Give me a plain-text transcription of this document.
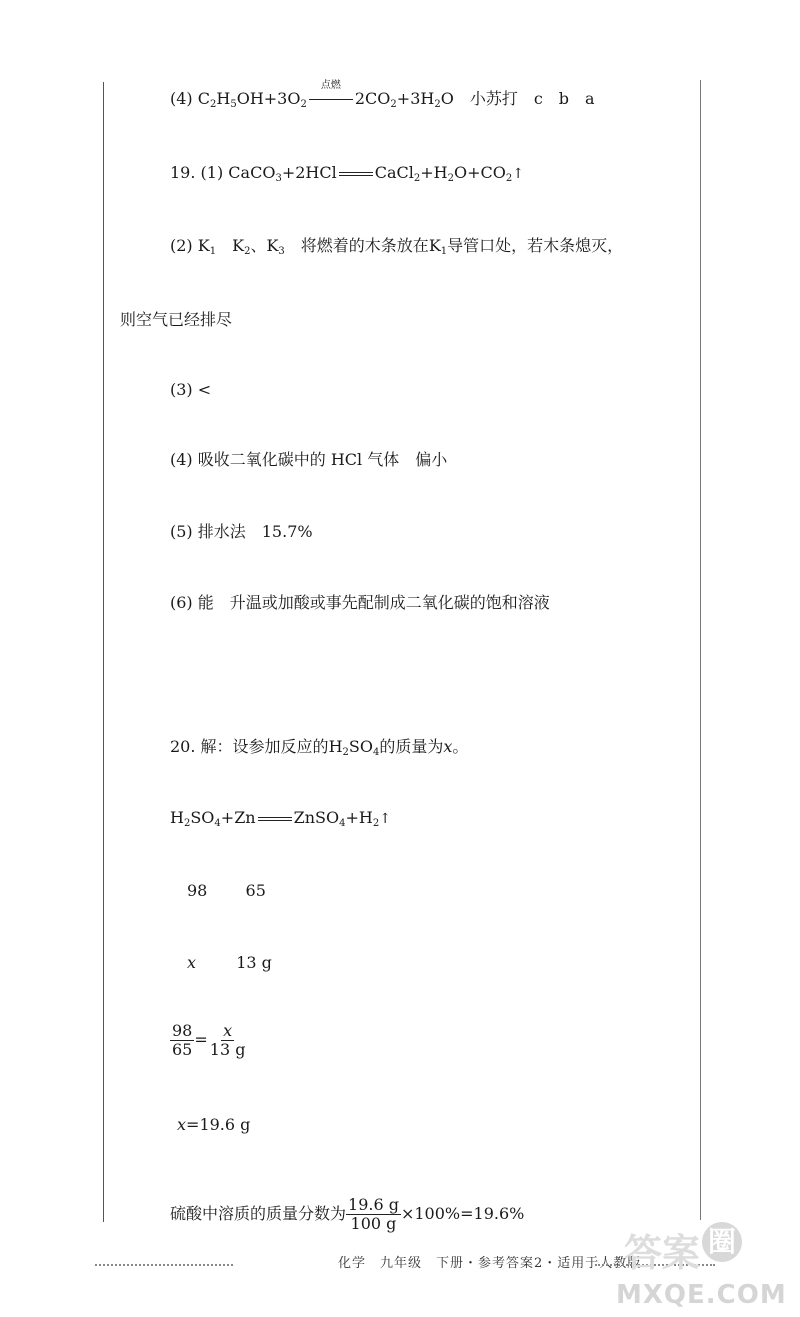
(4) $C_2H_5OH+3O_2$
点燃
$2CO_2+3H_2O$　小苏打　c　b　a
19. (1) CaCO$_3$+2HCl $CaCl_2+H_2O+CO_2↑$
(2) $K_1$　$K_2$、$K_3$　 将燃着的木条放在$K_1$导管口处，若木条熄灭，
则空气已经排尽
(3) <
(4) 吸收二氧化碳中的 HCl 气体　偏小
(5) 排水法　15.7%
(6) 能　升温或加酸或事先配制成二氧化碳的饱和溶液
20. 解：设参加反应的$H_2SO_4$的质量为x。
$H_2SO_4+Zn$ $ZnSO_4+H_2↑$
98 65
x	13 g
$\frac{98}{65} = \frac{x}{13 g}$
x=19.6 g
硫酸中溶质的质量分数为 $\frac{19.6 g}{100 g} \times 100\%=19.6\%$
化学　九年级　下册・参考答案2・适用于人教版
答案 圈
MXQE.COM
